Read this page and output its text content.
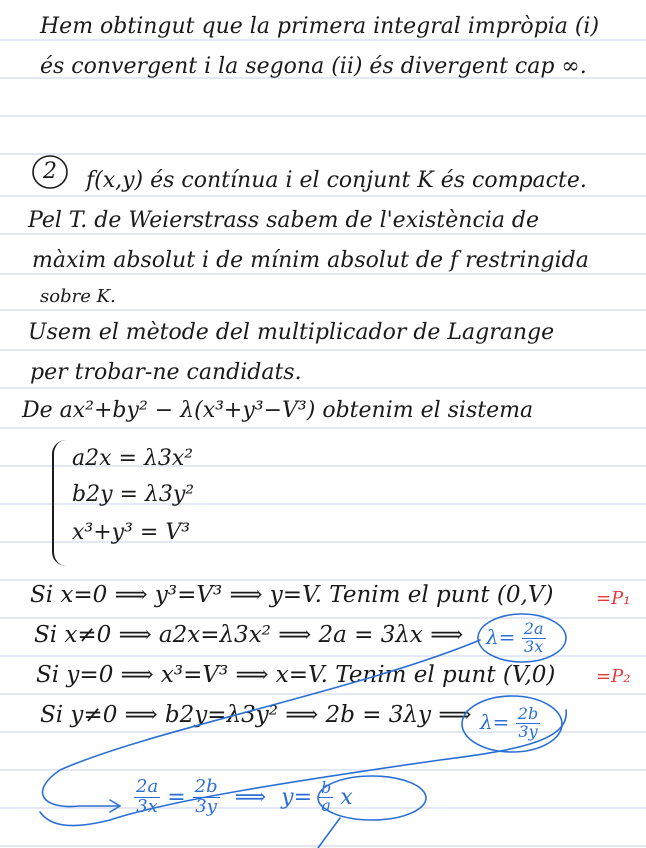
Hem obtingut que la primera integral impròpia (i)

és convergent i la segona (ii) és divergent cap ∞.

2 f(x,y) és contínua i el conjunt K és compacte.

Pel T. de Weierstrass sabem de l'existència de

màxim absolut i de mínim absolut de f restringida

sobre K.

Usem el mètode del multiplicador de Lagrange

per trobar-ne candidats.

De ax²+by² − λ(x³+y³−V³) obtenim el sistema

a2x = λ3x²
b2y = λ3y²
x³+y³ = V³

Si x=0 ⟹ y³=V³ ⟹ y=V. Tenim el punt (0,V) =P₁

Si x≠0 ⟹ a2x=λ3x² ⟹ 2a = 3λx ⟹

Si y=0 ⟹ x³=V³ ⟹ x=V. Tenim el punt (V,0) =P₂

Si y≠0 ⟹ b2y=λ3y² ⟹ 2b = 3λy ⟹

$\lambda= \frac{2a}{3x}$
$\lambda= \frac{2b}{3y}$
$\frac{2a}{3x} = \frac{2b}{3y}$ ⟹ $y= \frac{b}{a}$ x
